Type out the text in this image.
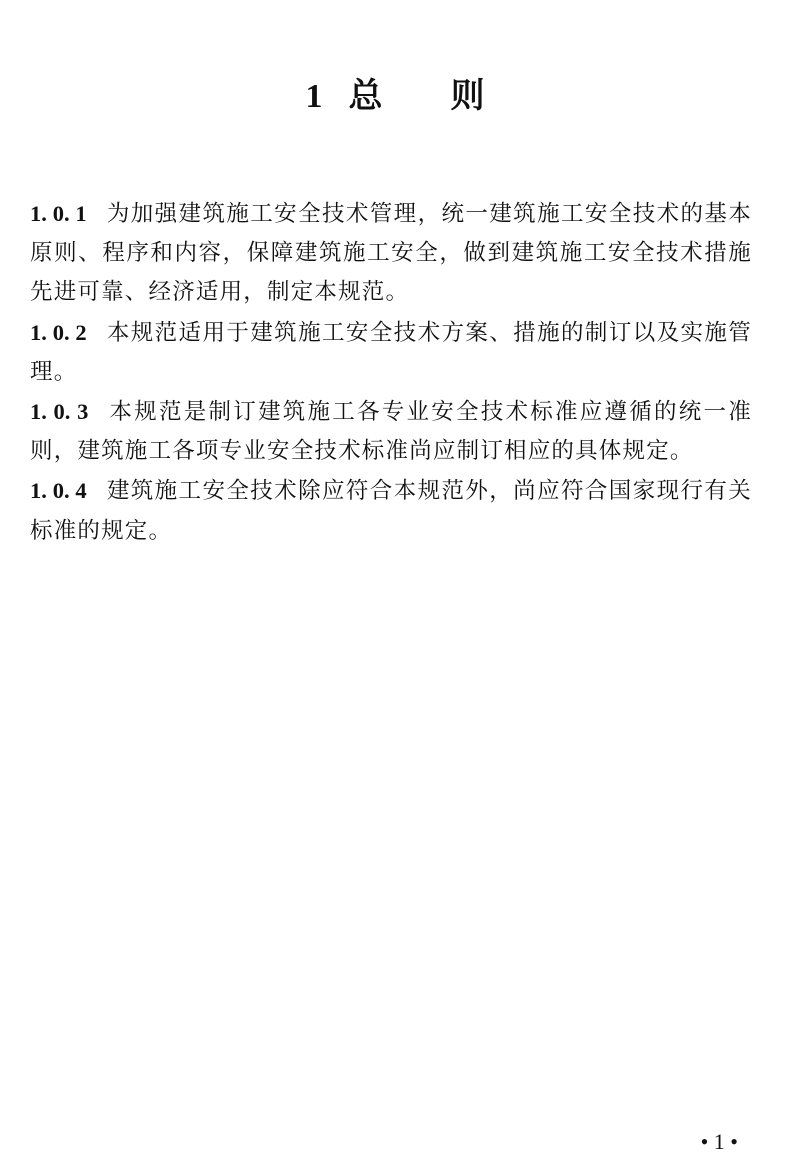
1 总 则

1. 0. 1 为加强建筑施工安全技术管理，统一建筑施工安全技术的基本原则、程序和内容，保障建筑施工安全，做到建筑施工安全技术措施先进可靠、经济适用，制定本规范。

1. 0. 2 本规范适用于建筑施工安全技术方案、措施的制订以及实施管理。

1. 0. 3 本规范是制订建筑施工各专业安全技术标准应遵循的统一准则，建筑施工各项专业安全技术标准尚应制订相应的具体规定。

1. 0. 4 建筑施工安全技术除应符合本规范外，尚应符合国家现行有关标准的规定。

• 1 •
